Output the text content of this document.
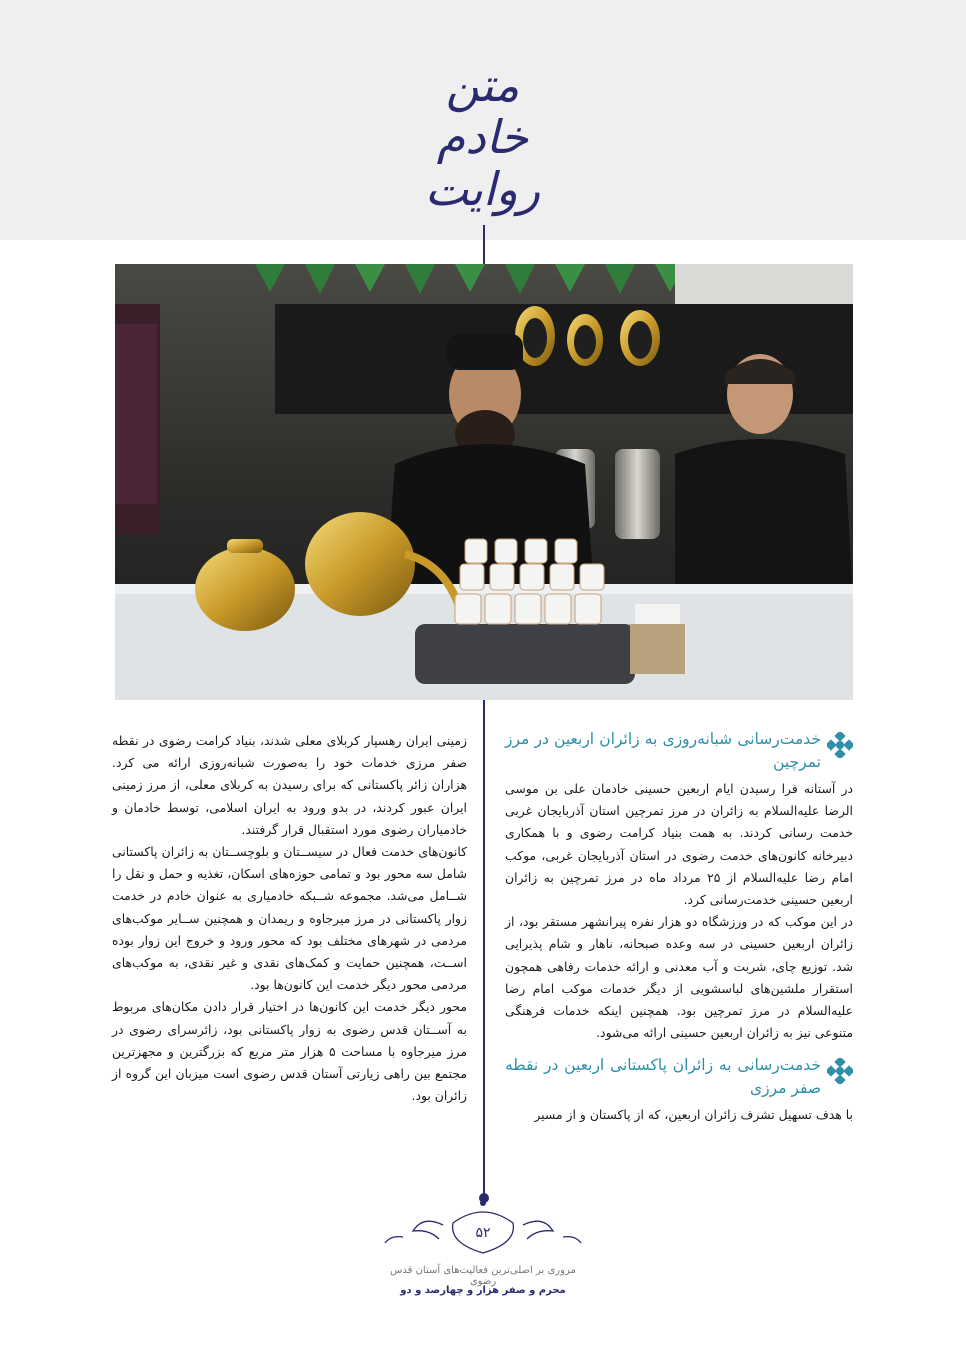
متن
خادم
روایت

زمینی ایران رهسپار کربلای معلی شدند، بنیاد کرامت رضوی در نقطه صفر مرزی خدمات خود را به‌صورت شبانه‌روزی ارائه می کرد. هزاران زائر پاکستانی که برای رسیدن به کربلای معلی، از مرز زمینی ایران عبور کردند، در بدو ورود به ایران اسلامی، توسط خادمان و خادمیاران رضوی مورد استقبال قرار گرفتند.

کانون‌های خدمت فعال در سیســتان و بلوچســتان به زائران پاکستانی شامل سه محور بود و تمامی حوزه‌های اسکان، تغذیه و حمل و نقل را شــامل می‌شد. مجموعه شــبکه خادمیاری به عنوان خادم در خدمت زوار پاکستانی در مرز میرجاوه و ریمدان و همچنین ســایر موکب‌های مردمی در شهرهای مختلف بود که محور ورود و خروج این زوار بوده اســت، همچنین حمایت و کمک‌های نقدی و غیر نقدی، به موکب‌های مردمی محور دیگر خدمت این کانون‌ها بود.

محور دیگر خدمت این کانون‌ها در اختیار قرار دادن مکان‌های مربوط به آســتان قدس رضوی به زوار پاکستانی بود، زائرسرای رضوی در مرز میرجاوه با مساحت ۵ هزار متر مربع که بزرگترین و مجهزترین مجتمع بین راهی زیارتی آستان قدس رضوی است میزبان این گروه از زائران بود.

خدمت‌رسانی شبانه‌روزی به زائران اربعین در مرز تمرچین

در آستانه فرا رسیدن ایام اربعین حسینی خادمان علی بن موسی الرضا علیه‌السلام به زائران در مرز تمرچین استان آذربایجان غربی خدمت رسانی کردند. به همت بنیاد کرامت رضوی و با همکاری دبیرخانه کانون‌های خدمت رضوی در استان آذربایجان غربی، موکب امام رضا علیه‌السلام از ۲۵ مرداد ماه در مرز تمرچین به زائران اربعین حسینی خدمت‌رسانی کرد.

در این موکب که در ورزشگاه دو هزار نفره پیرانشهر مستقر بود، از زائران اربعین حسینی در سه وعده صبحانه، ناهار و شام پذیرایی شد. توزیع چای، شربت و آب معدنی و ارائه خدمات رفاهی همچون استقرار ملشین‌های لباسشویی از دیگر خدمات موکب امام رضا علیه‌السلام در مرز تمرچین بود. همچنین اینکه خدمات فرهنگی متنوعی نیز به زائران اربعین حسینی ارائه می‌شود.

خدمت‌رسانی به زائران پاکستانی اربعین در نقطه صفر مرزی

با هدف تسهیل تشرف زائران اربعین، که از پاکستان و از مسیر

۵۲
مروری بر اصلی‌ترین فعالیت‌های آستان قدس رضوی
محرم و صفر هزار و چهارصد و دو
